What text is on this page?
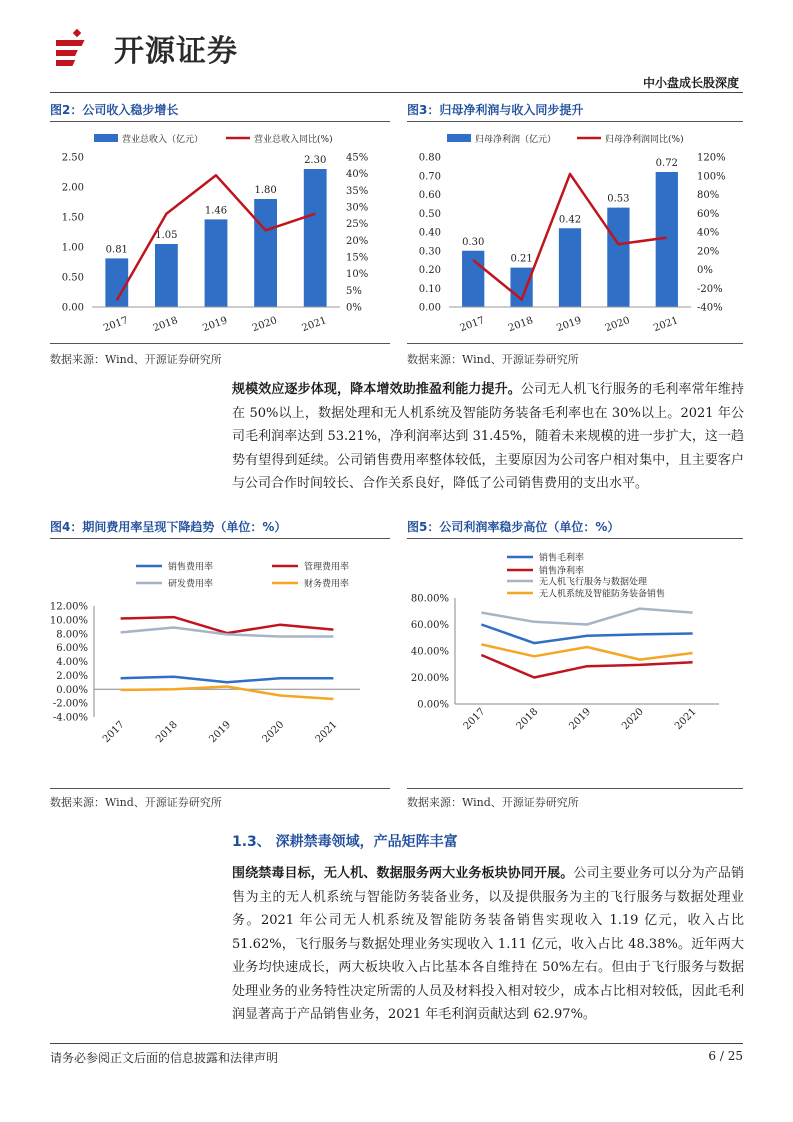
开源证券
中小盘成长股深度
图2：公司收入稳步增长
营业总收入（亿元）	营业总收入同比(%)
0.00
0.50
1.00
1.50
2.00
2.50
0%
5%
10%
15%
20%
25%
30%
35%
40%
45%
0.81
1.05
1.46
1.80
2.30
2017 2018 2019 2020 2021
数据来源：Wind、开源证券研究所
图3：归母净利润与收入同步提升
归母净利润（亿元）	归母净利润同比(%)
0.00
0.10
0.20
0.30
0.40
0.50
0.60
0.70
0.80
-40%
-20%
0%
20%
40%
60%
80%
100%
120%
0.30
0.21
0.42
0.53
0.72
2017 2018 2019 2020 2021
数据来源：Wind、开源证券研究所
规模效应逐步体现，降本增效助推盈利能力提升。公司无人机飞行服务的毛利率常年维持在 50%以上，数据处理和无人机系统及智能防务装备毛利率也在 30%以上。2021 年公司毛利润率达到 53.21%，净利润率达到 31.45%，随着未来规模的进一步扩大，这一趋势有望得到延续。公司销售费用率整体较低，主要原因为公司客户相对集中，且主要客户与公司合作时间较长、合作关系良好，降低了公司销售费用的支出水平。
图4：期间费用率呈现下降趋势（单位：%）
销售费用率	管理费用率
研发费用率	财务费用率
-4.00%
-2.00%
0.00%
2.00%
4.00%
6.00%
8.00%
10.00%
12.00%
2017	2018	2019	2020	2021
数据来源：Wind、开源证券研究所
图5：公司利润率稳步高位（单位：%）
销售毛利率
销售净利率
无人机飞行服务与数据处理
无人机系统及智能防务装备销售
0.00%
20.00%
40.00%
60.00%
80.00%
2017	2018	2019	2020	2021
数据来源：Wind、开源证券研究所
1.3、 深耕禁毒领域，产品矩阵丰富
围绕禁毒目标，无人机、数据服务两大业务板块协同开展。公司主要业务可以分为产品销售为主的无人机系统与智能防务装备业务，以及提供服务为主的飞行服务与数据处理业务。2021 年公司无人机系统及智能防务装备销售实现收入 1.19 亿元，收入占比 51.62%，飞行服务与数据处理业务实现收入 1.11 亿元，收入占比 48.38%。近年两大业务均快速成长，两大板块收入占比基本各自维持在 50%左右。但由于飞行服务与数据处理业务的业务特性决定所需的人员及材料投入相对较少，成本占比相对较低，因此毛利润显著高于产品销售业务，2021 年毛利润贡献达到 62.97%。
请务必参阅正文后面的信息披露和法律声明	6 / 25
